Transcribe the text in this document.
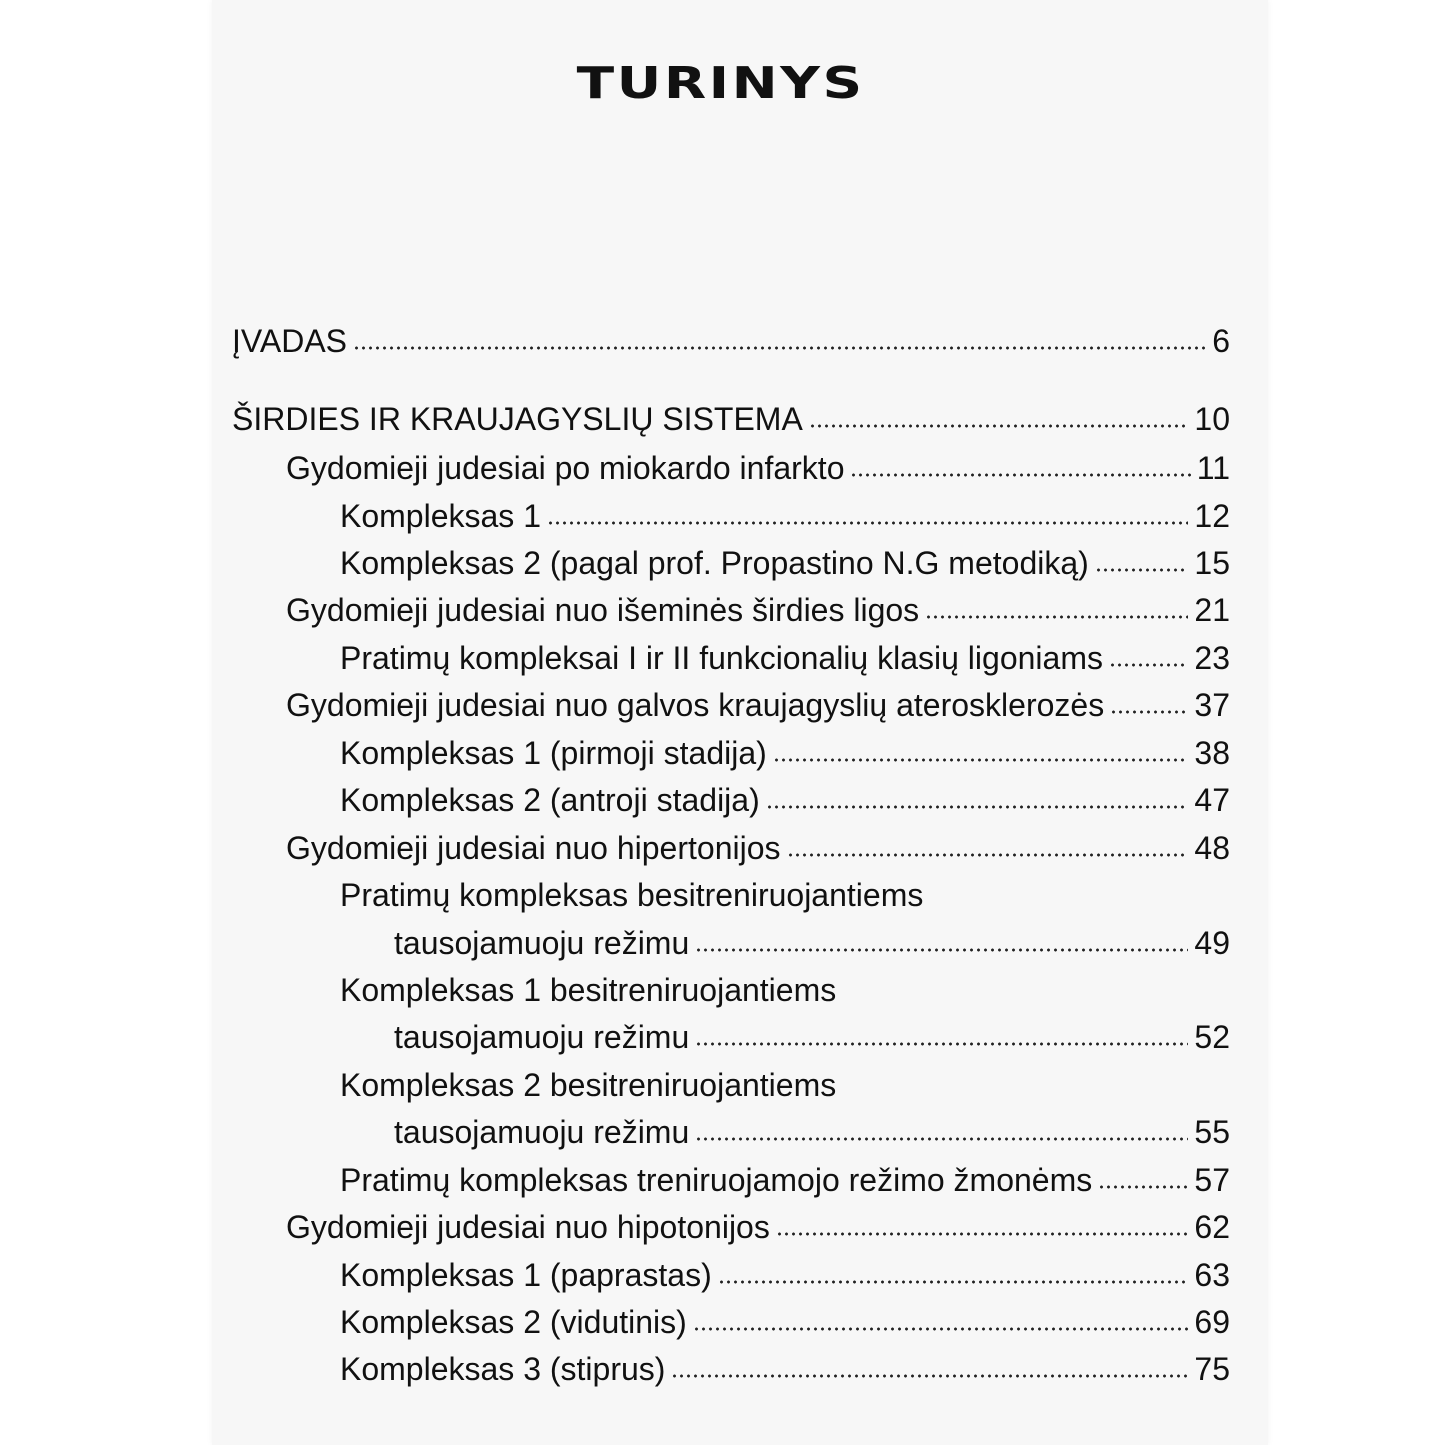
TURINYS
ĮVADAS	6
ŠIRDIES IR KRAUJAGYSLIŲ SISTEMA	10
Gydomieji judesiai po miokardo infarkto	11
Kompleksas 1	12
Kompleksas 2 (pagal prof. Propastino N.G metodiką)	15
Gydomieji judesiai nuo išeminės širdies ligos	21
Pratimų kompleksai I ir II funkcionalių klasių ligoniams	23
Gydomieji judesiai nuo galvos kraujagyslių aterosklerozės	37
Kompleksas 1 (pirmoji stadija)	38
Kompleksas 2 (antroji stadija)	47
Gydomieji judesiai nuo hipertonijos	48
Pratimų kompleksas besitreniruojantiems
tausojamuoju režimu	49
Kompleksas 1 besitreniruojantiems
tausojamuoju režimu	52
Kompleksas 2 besitreniruojantiems
tausojamuoju režimu	55
Pratimų kompleksas treniruojamojo režimo žmonėms	57
Gydomieji judesiai nuo hipotonijos	62
Kompleksas 1 (paprastas)	63
Kompleksas 2 (vidutinis)	69
Kompleksas 3 (stiprus)	75
